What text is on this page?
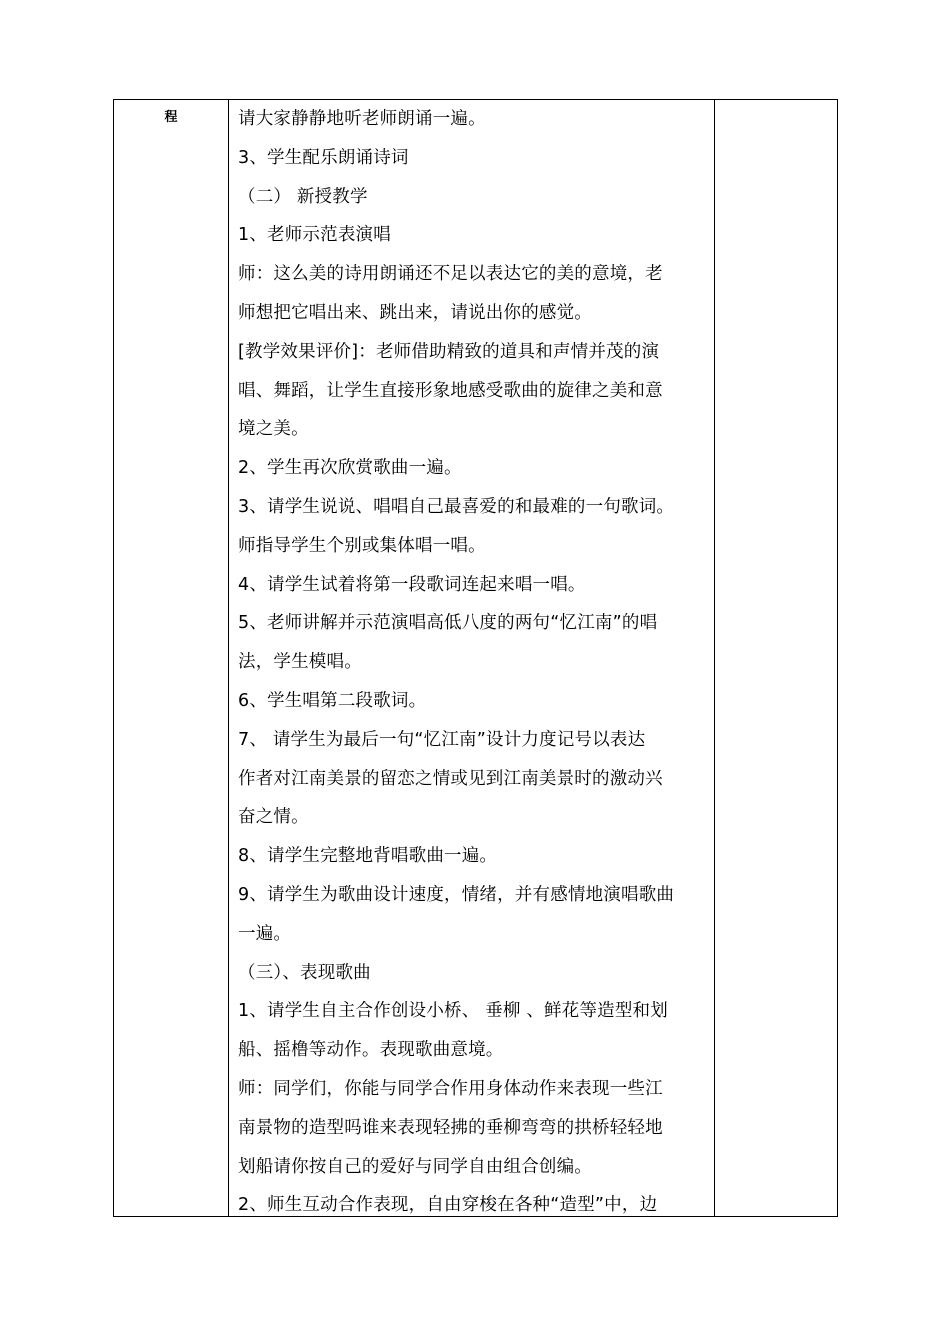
程	请大家静静地听老师朗诵一遍。
3、学生配乐朗诵诗词
（二） 新授教学
1、老师示范表演唱
师：这么美的诗用朗诵还不足以表达它的美的意境，老
师想把它唱出来、跳出来，请说出你的感觉。
[教学效果评价]：老师借助精致的道具和声情并茂的演
唱、舞蹈，让学生直接形象地感受歌曲的旋律之美和意
境之美。
2、学生再次欣赏歌曲一遍。
3、请学生说说、唱唱自己最喜爱的和最难的一句歌词。
师指导学生个别或集体唱一唱。
4、请学生试着将第一段歌词连起来唱一唱。
5、老师讲解并示范演唱高低八度的两句“忆江南”的唱
法，学生模唱。
6、学生唱第二段歌词。
7、 请学生为最后一句“忆江南”设计力度记号以表达
作者对江南美景的留恋之情或见到江南美景时的激动兴
奋之情。
8、请学生完整地背唱歌曲一遍。
9、请学生为歌曲设计速度，情绪，并有感情地演唱歌曲
一遍。
（三）、表现歌曲
1、请学生自主合作创设小桥、 垂柳 、鲜花等造型和划
船、摇橹等动作。表现歌曲意境。
师：同学们，你能与同学合作用身体动作来表现一些江
南景物的造型吗谁来表现轻拂的垂柳弯弯的拱桥轻轻地
划船请你按自己的爱好与同学自由组合创编。
2、师生互动合作表现，自由穿梭在各种“造型”中，边
